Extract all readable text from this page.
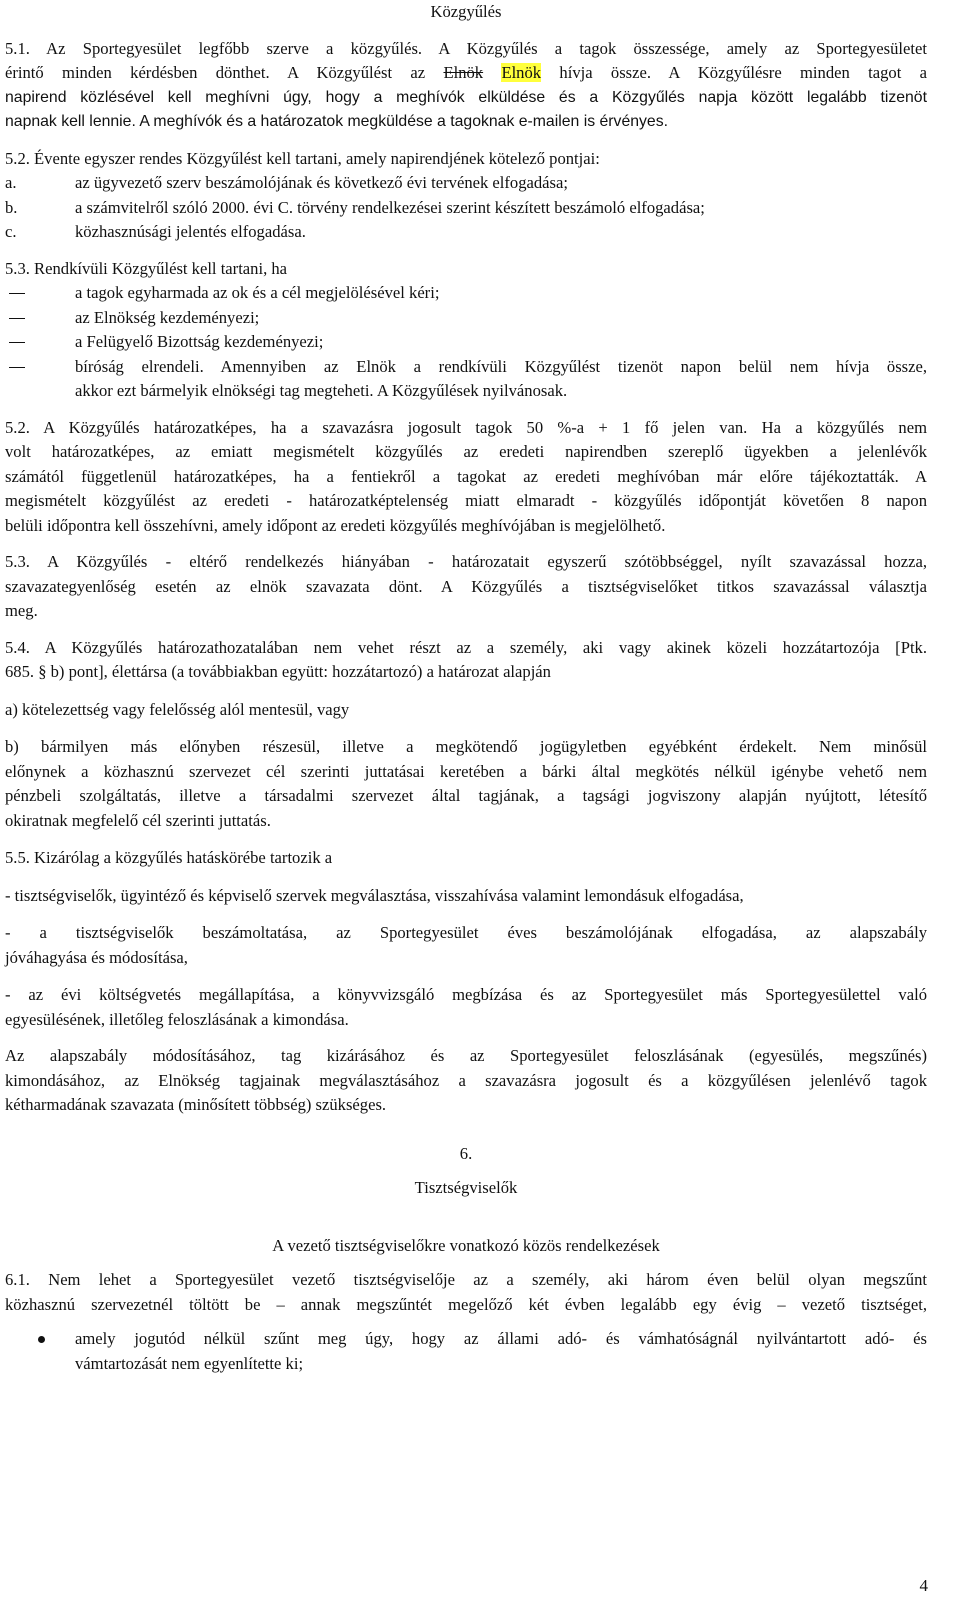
Közgyűlés
5.1. Az Sportegyesület legfőbb szerve a közgyűlés. A Közgyűlés a tagok összessége, amely az Sportegyesületet
érintő minden kérdésben dönthet. A Közgyűlést az Elnök Elnök hívja össze. A Közgyűlésre minden tagot a
napirend közlésével kell meghívni úgy, hogy a meghívók elküldése és a Közgyűlés napja között legalább tizenöt
napnak kell lennie. A meghívók és a határozatok megküldése a tagoknak e-mailen is érvényes.
5.2. Évente egyszer rendes Közgyűlést kell tartani, amely napirendjének kötelező pontjai:
a.	az ügyvezető szerv beszámolójának és következő évi tervének elfogadása;
b.	a számvitelről szóló 2000. évi C. törvény rendelkezései szerint készített beszámoló elfogadása;
c.	közhasznúsági jelentés elfogadása.
5.3. Rendkívüli Közgyűlést kell tartani, ha
a tagok egyharmada az ok és a cél megjelölésével kéri;
az Elnökség kezdeményezi;
a Felügyelő Bizottság kezdeményezi;
bíróság elrendeli. Amennyiben az Elnök a rendkívüli Közgyűlést tizenöt napon belül nem hívja össze,
akkor ezt bármelyik elnökségi tag megteheti. A Közgyűlések nyilvánosak.
5.2. A Közgyűlés határozatképes, ha a szavazásra jogosult tagok 50 %-a + 1 fő jelen van. Ha a közgyűlés nem
volt határozatképes, az emiatt megismételt közgyűlés az eredeti napirendben szereplő ügyekben a jelenlévők
számától függetlenül határozatképes, ha a fentiekről a tagokat az eredeti meghívóban már előre tájékoztatták. A
megismételt közgyűlést az eredeti - határozatképtelenség miatt elmaradt - közgyűlés időpontját követően 8 napon
belüli időpontra kell összehívni, amely időpont az eredeti közgyűlés meghívójában is megjelölhető.
5.3. A Közgyűlés - eltérő rendelkezés hiányában - határozatait egyszerű szótöbbséggel, nyílt szavazással hozza,
szavazategyenlőség esetén az elnök szavazata dönt. A Közgyűlés a tisztségviselőket titkos szavazással választja
meg.
5.4. A Közgyűlés határozathozatalában nem vehet részt az a személy, aki vagy akinek közeli hozzátartozója [Ptk.
685. § b) pont], élettársa (a továbbiakban együtt: hozzátartozó) a határozat alapján
a) kötelezettség vagy felelősség alól mentesül, vagy
b) bármilyen más előnyben részesül, illetve a megkötendő jogügyletben egyébként érdekelt. Nem minősül
előnynek a közhasznú szervezet cél szerinti juttatásai keretében a bárki által megkötés nélkül igénybe vehető nem
pénzbeli szolgáltatás, illetve a társadalmi szervezet által tagjának, a tagsági jogviszony alapján nyújtott, létesítő
okiratnak megfelelő cél szerinti juttatás.
5.5. Kizárólag a közgyűlés hatáskörébe tartozik a
- tisztségviselők, ügyintéző és képviselő szervek megválasztása, visszahívása valamint lemondásuk elfogadása,
- a tisztségviselők beszámoltatása, az Sportegyesület éves beszámolójának elfogadása, az alapszabály
jóváhagyása és módosítása,
- az évi költségvetés megállapítása, a könyvvizsgáló megbízása és az Sportegyesület más Sportegyesülettel való
egyesülésének, illetőleg feloszlásának a kimondása.
Az alapszabály módosításához, tag kizárásához és az Sportegyesület feloszlásának (egyesülés, megszűnés)
kimondásához, az Elnökség tagjainak megválasztásához a szavazásra jogosult és a közgyűlésen jelenlévő tagok
kétharmadának szavazata (minősített többség) szükséges.
6.
Tisztségviselők
A vezető tisztségviselőkre vonatkozó közös rendelkezések
6.1. Nem lehet a Sportegyesület vezető tisztségviselője az a személy, aki három éven belül olyan megszűnt
közhasznú szervezetnél töltött be – annak megszűntét megelőző két évben legalább egy évig – vezető tisztséget,
amely jogutód nélkül szűnt meg úgy, hogy az állami adó- és vámhatóságnál nyilvántartott adó- és
vámtartozását nem egyenlítette ki;
4
